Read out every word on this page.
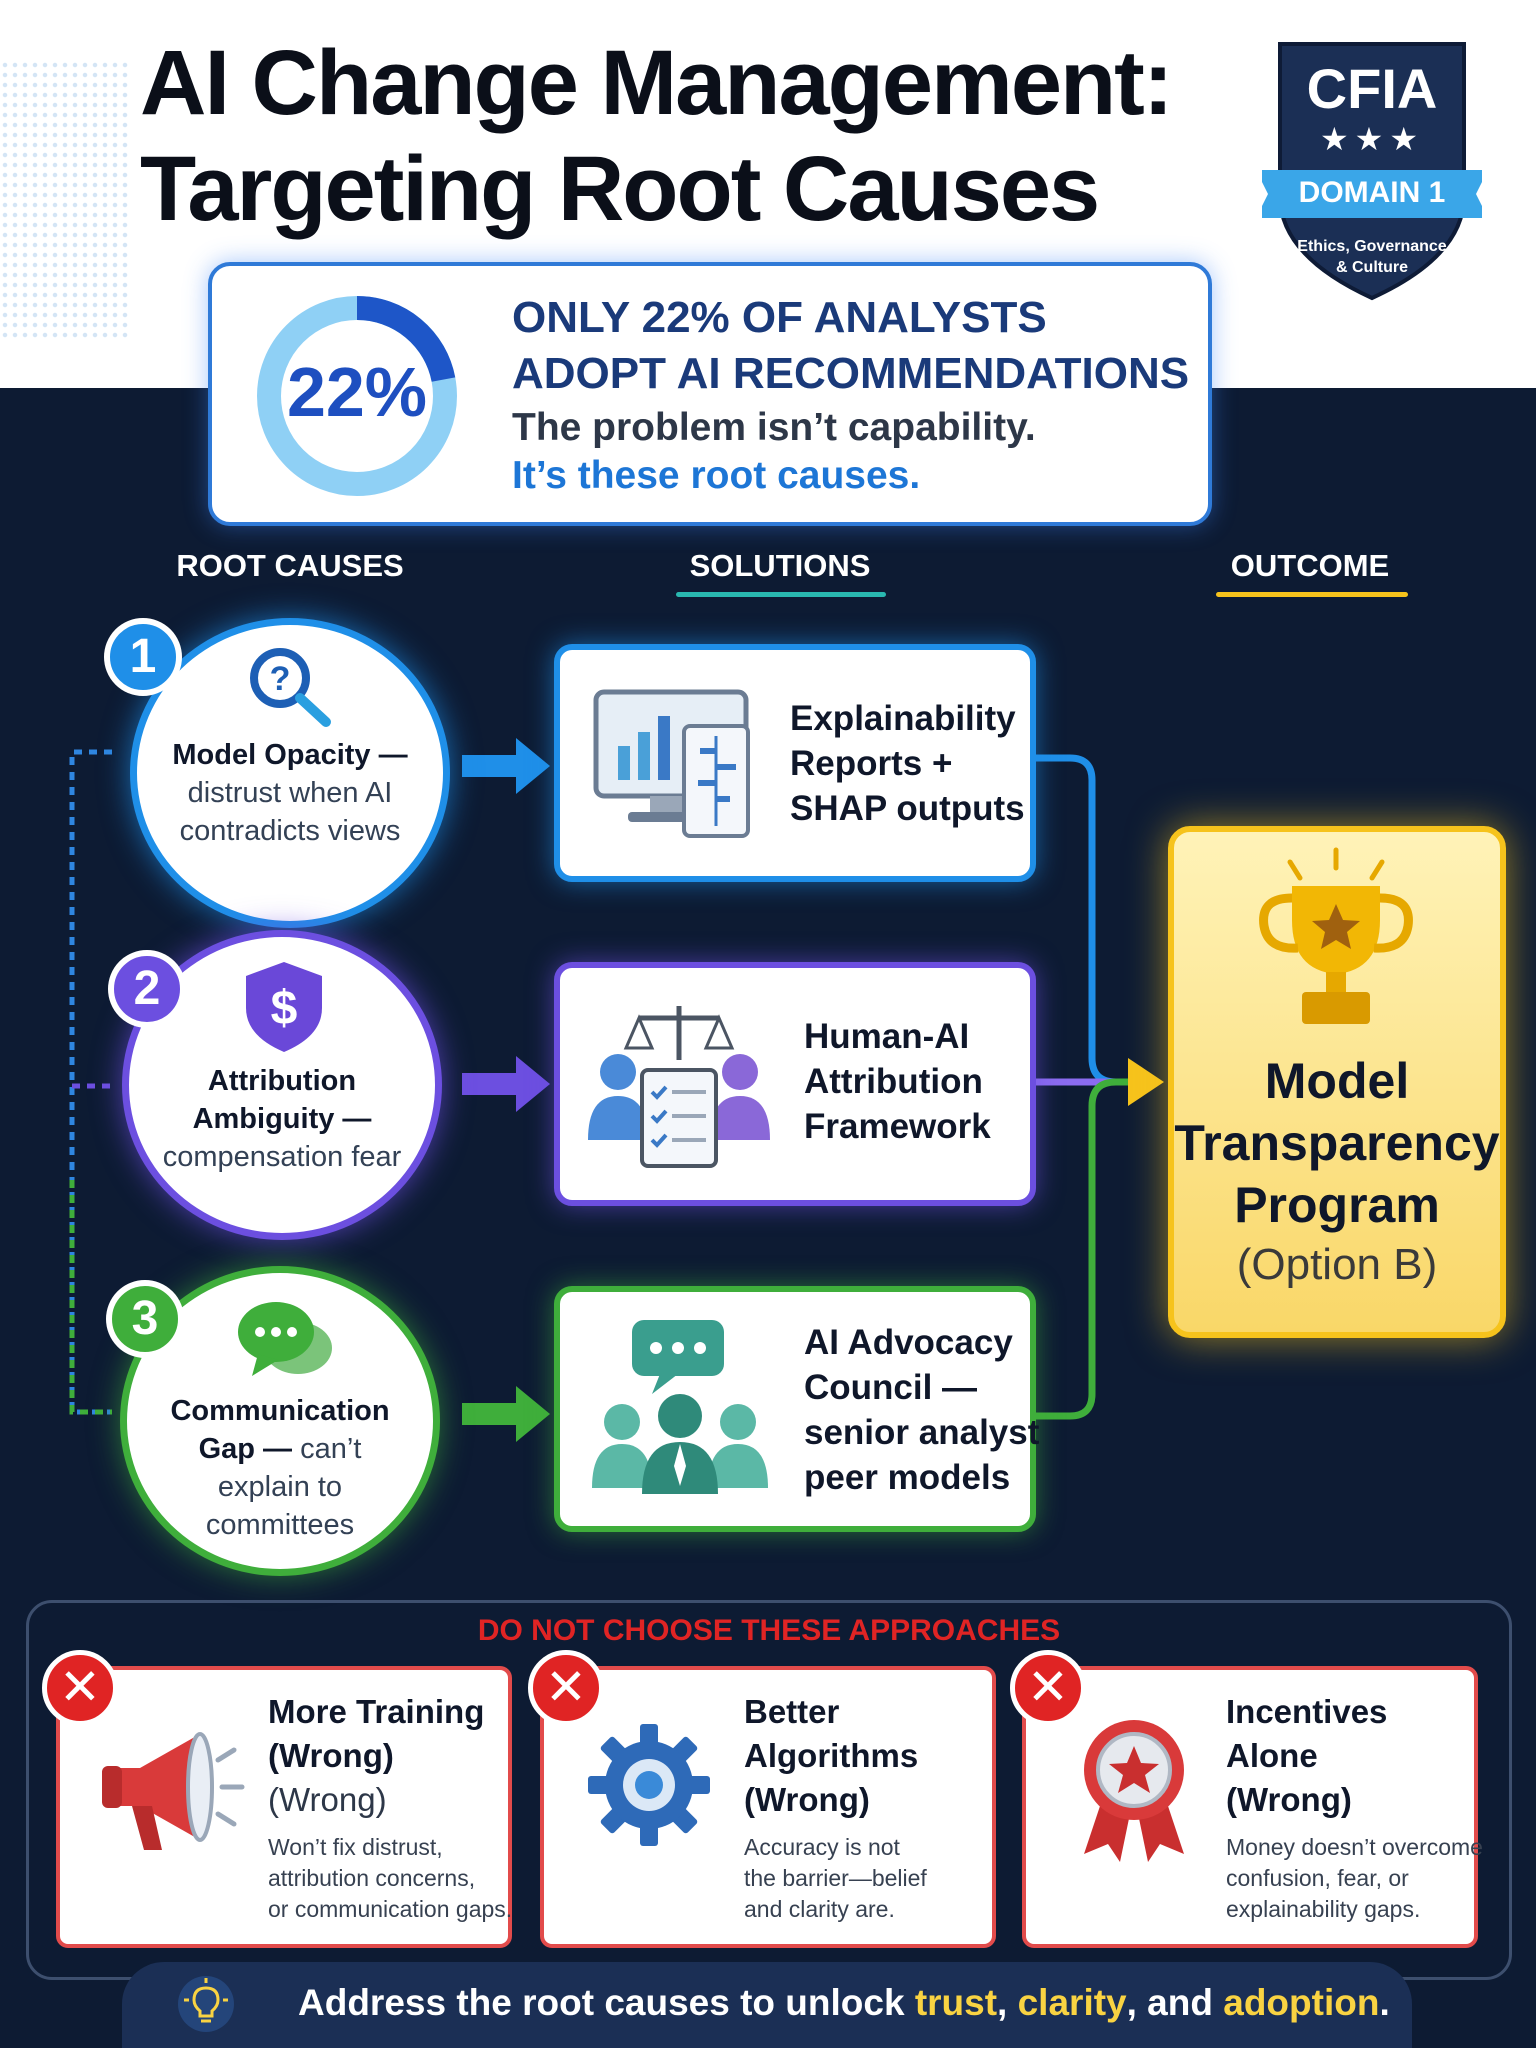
AI Change Management:
Targeting Root Causes
CFIA
★★★
DOMAIN 1
Ethics, Governance & Culture
22%
ONLY 22% OF ANALYSTS
ADOPT AI RECOMMENDATIONS
The problem isn’t capability.
It’s these root causes.
ROOT CAUSES	SOLUTIONS	OUTCOME
?
Model Opacity — distrust when AI contradicts views
1
$
Attribution Ambiguity — compensation fear
2
Communication Gap — can’t explain to committees
3
Explainability
Reports +
SHAP outputs
Human-AI
Attribution
Framework
AI Advocacy
Council —
senior analyst
peer models
Model
Transparency
Program
(Option B)
DO NOT CHOOSE THESE APPROACHES
✕	More Training
(Wrong)
(Wrong)
Won’t fix distrust,
attribution concerns,
or communication gaps.
✕	Better
Algorithms
(Wrong)
Accuracy is not
the barrier—belief
and clarity are.
✕	Incentives
Alone
(Wrong)
Money doesn’t overcome
confusion, fear, or
explainability gaps.
Address the root causes to unlock trust, clarity, and adoption.
